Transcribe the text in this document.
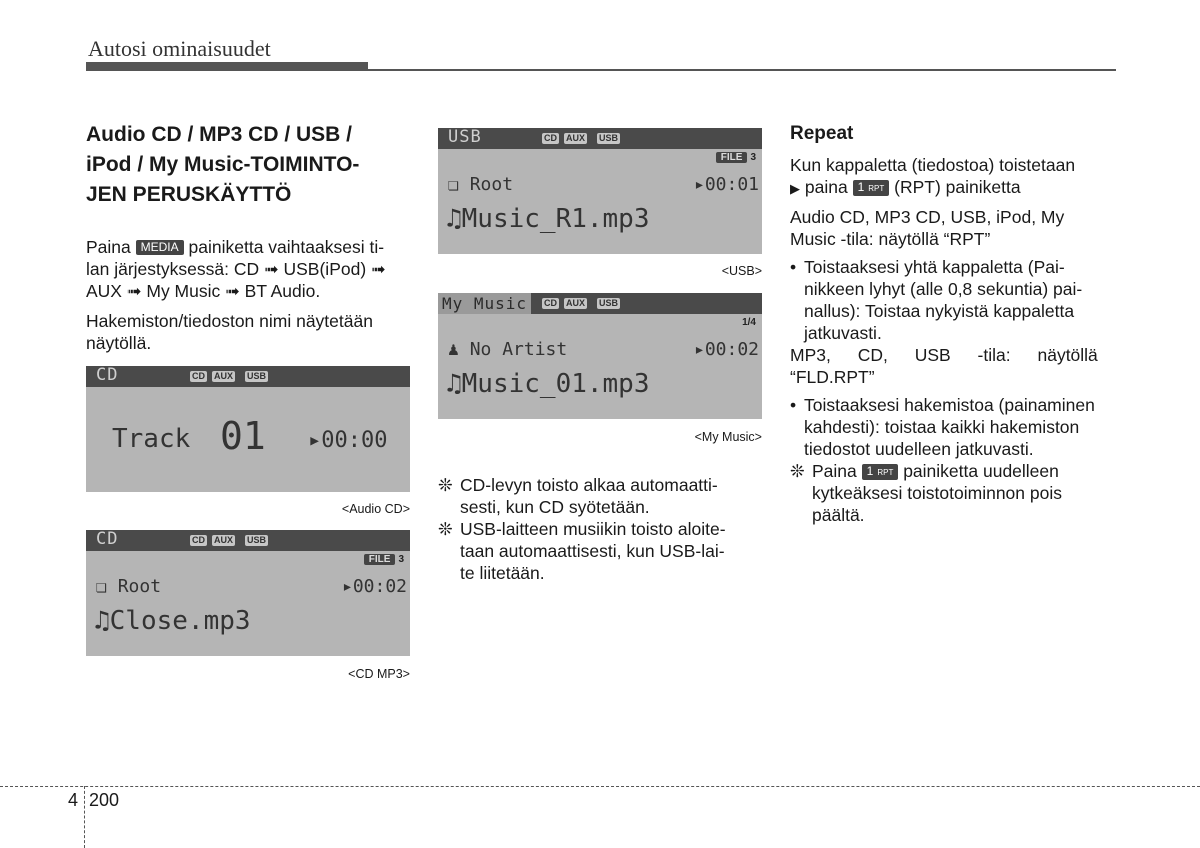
Autosi ominaisuudet
Audio CD / MP3 CD / USB /
iPod / My Music-TOIMINTO-
JEN PERUSKÄYTTÖ

Paina MEDIA painiketta vaihtaaksesi ti-

lan järjestyksessä: CD ➟ USB(iPod) ➟

AUX ➟ My Music ➟ BT Audio.

Hakemiston/tiedoston nimi näytetään

näytöllä.

CD	CD AUX USB
Track 01 ▸00:00
<Audio CD>
CD	CD AUX USB
FILE 3
❏ Root	▸00:02
♫Close.mp3
<CD MP3>
USB	CD AUX USB
FILE 3
❏ Root	▸00:01
♫Music_R1.mp3
<USB>
My Music	CD AUX USB
1/4
♟ No Artist	▸00:02
♫Music_01.mp3
<My Music>

❊ CD-levyn toisto alkaa automaatti-
sesti, kun CD syötetään.

❊ USB-laitteen musiikin toisto aloite-
taan automaattisesti, kun USB-lai-
te liitetään.

Repeat

Kun kappaletta (tiedostoa) toistetaan

▶ paina 1 RPT (RPT) painiketta

Audio CD, MP3 CD, USB, iPod, My

Music -tila: näytöllä “RPT”

• Toistaaksesi yhtä kappaletta (Pai-
nikkeen lyhyt (alle 0,8 sekuntia) pai-
nallus): Toistaa nykyistä kappaletta
jatkuvasti.

MP3, CD, USB -tila: näytöllä

“FLD.RPT”

• Toistaaksesi hakemistoa (painaminen
kahdesti): toistaa kaikki hakemiston
tiedostot uudelleen jatkuvasti.

❊ Paina 1 RPT painiketta uudelleen
kytkeäksesi toistotoiminnon pois
päältä.

4 200
